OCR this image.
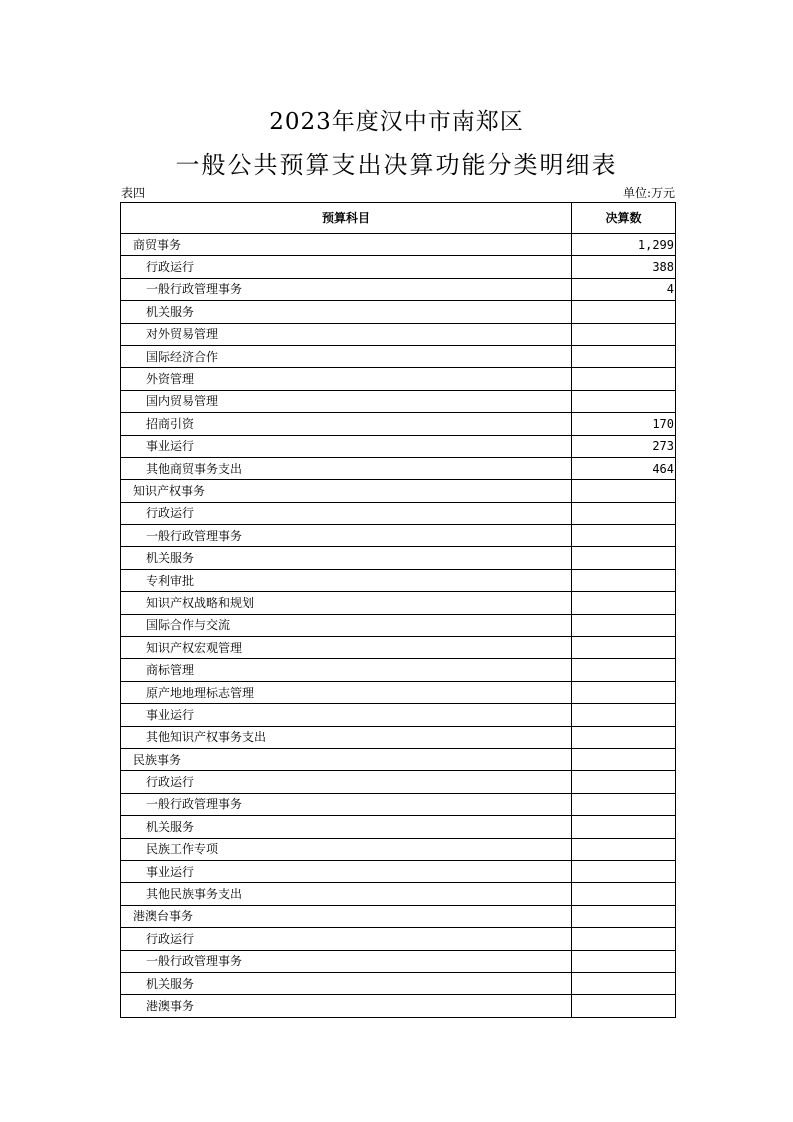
2023年度汉中市南郑区
一般公共预算支出决算功能分类明细表
表四	单位:万元
预算科目	决算数
商贸事务	1,299
行政运行	388
一般行政管理事务	4
机关服务	
对外贸易管理	
国际经济合作	
外资管理	
国内贸易管理	
招商引资	170
事业运行	273
其他商贸事务支出	464
知识产权事务	
行政运行	
一般行政管理事务	
机关服务	
专利审批	
知识产权战略和规划	
国际合作与交流	
知识产权宏观管理	
商标管理	
原产地地理标志管理	
事业运行	
其他知识产权事务支出	
民族事务	
行政运行	
一般行政管理事务	
机关服务	
民族工作专项	
事业运行	
其他民族事务支出	
港澳台事务	
行政运行	
一般行政管理事务	
机关服务	
港澳事务	
